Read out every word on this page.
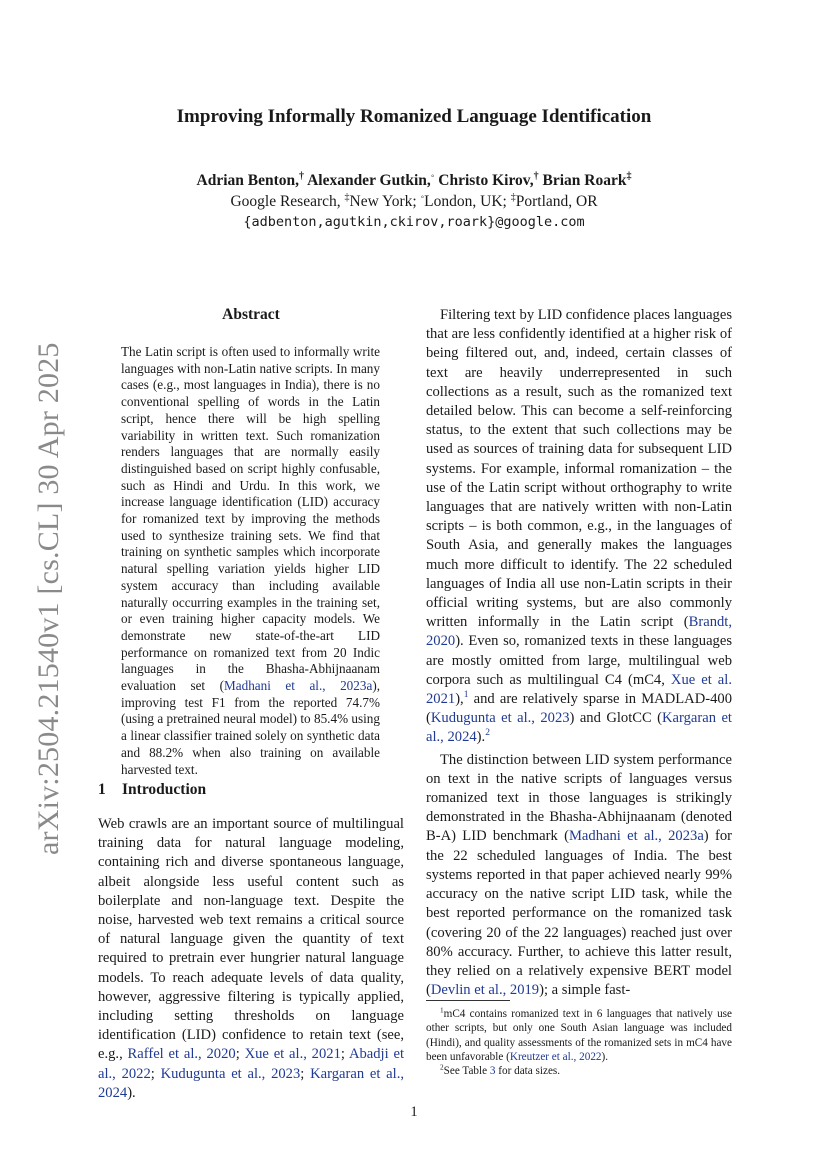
arXiv:2504.21540v1 [cs.CL] 30 Apr 2025
Improving Informally Romanized Language Identification
Adrian Benton,† Alexander Gutkin,◦ Christo Kirov,† Brian Roark‡
Google Research, ‡New York; ◦London, UK; ‡Portland, OR
{adbenton,agutkin,ckirov,roark}@google.com
Abstract
The Latin script is often used to informally write languages with non-Latin native scripts. In many cases (e.g., most languages in India), there is no conventional spelling of words in the Latin script, hence there will be high spelling variability in written text. Such romanization renders languages that are normally easily distinguished based on script highly confusable, such as Hindi and Urdu. In this work, we increase language identification (LID) accuracy for romanized text by improving the methods used to synthesize training sets. We find that training on synthetic samples which incorporate natural spelling variation yields higher LID system accuracy than including available naturally occurring examples in the training set, or even training higher capacity models. We demonstrate new state-of-the-art LID performance on romanized text from 20 Indic languages in the Bhasha-Abhijnaanam evaluation set (Madhani et al., 2023a), improving test F1 from the reported 74.7% (using a pretrained neural model) to 85.4% using a linear classifier trained solely on synthetic data and 88.2% when also training on available harvested text.
1 Introduction
Web crawls are an important source of multilingual training data for natural language modeling, containing rich and diverse spontaneous language, albeit alongside less useful content such as boilerplate and non-language text. Despite the noise, harvested web text remains a critical source of natural language given the quantity of text required to pretrain ever hungrier natural language models. To reach adequate levels of data quality, however, aggressive filtering is typically applied, including setting thresholds on language identification (LID) confidence to retain text (see, e.g., Raffel et al., 2020; Xue et al., 2021; Abadji et al., 2022; Kudugunta et al., 2023; Kargaran et al., 2024).

Filtering text by LID confidence places languages that are less confidently identified at a higher risk of being filtered out, and, indeed, certain classes of text are heavily underrepresented in such collections as a result, such as the romanized text detailed below. This can become a self-reinforcing status, to the extent that such collections may be used as sources of training data for subsequent LID systems. For example, informal romanization – the use of the Latin script without orthography to write languages that are natively written with non-Latin scripts – is both common, e.g., in the languages of South Asia, and generally makes the languages much more difficult to identify. The 22 scheduled languages of India all use non-Latin scripts in their official writing systems, but are also commonly written informally in the Latin script (Brandt, 2020). Even so, romanized texts in these languages are mostly omitted from large, multilingual web corpora such as multilingual C4 (mC4, Xue et al. 2021),$^1$ and are relatively sparse in MADLAD-400 (Kudugunta et al., 2023) and GlotCC (Kargaran et al., 2024).$^2$

The distinction between LID system performance on text in the native scripts of languages versus romanized text in those languages is strikingly demonstrated in the Bhasha-Abhijnaanam (denoted B-A) LID benchmark (Madhani et al., 2023a) for the 22 scheduled languages of India. The best systems reported in that paper achieved nearly 99% accuracy on the native script LID task, while the best reported performance on the romanized task (covering 20 of the 22 languages) reached just over 80% accuracy. Further, to achieve this latter result, they relied on a relatively expensive BERT model (Devlin et al., 2019); a simple fast-

$^1$mC4 contains romanized text in 6 languages that natively use other scripts, but only one South Asian language was included (Hindi), and quality assessments of the romanized sets in mC4 have been unfavorable (Kreutzer et al., 2022).

$^2$See Table 3 for data sizes.

1
